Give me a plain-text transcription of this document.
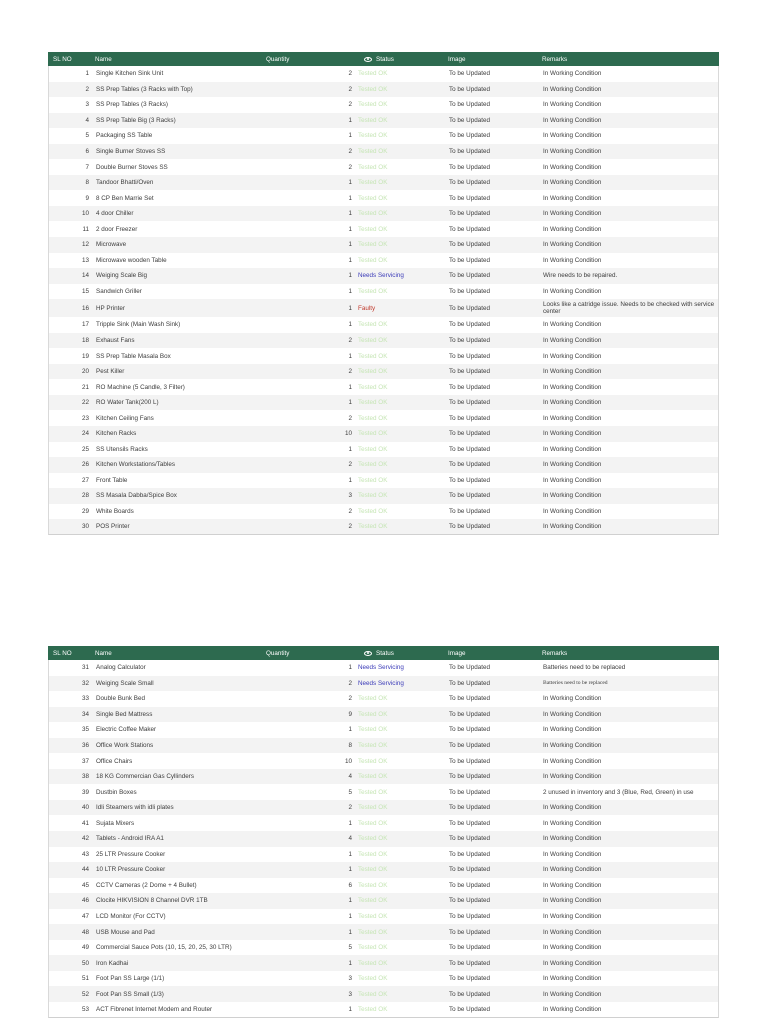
SL NO	Name	Quantity	Status	Image	Remarks
1	Single Kitchen Sink Unit	2 Tested OK	To be Updated	In Working Condition
2	SS Prep Tables (3 Racks with Top)	2 Tested OK	To be Updated	In Working Condition
3	SS Prep Tables (3 Racks)	2 Tested OK	To be Updated	In Working Condition
4	SS Prep Table Big (3 Racks)	1 Tested OK	To be Updated	In Working Condition
5	Packaging SS Table	1 Tested OK	To be Updated	In Working Condition
6	Single Burner Stoves SS	2 Tested OK	To be Updated	In Working Condition
7	Double Burner Stoves SS	2 Tested OK	To be Updated	In Working Condition
8	Tandoor Bhatti/Oven	1 Tested OK	To be Updated	In Working Condition
9	8 CP Ben Marrie Set	1 Tested OK	To be Updated	In Working Condition
10	4 door Chiller	1 Tested OK	To be Updated	In Working Condition
11	2 door Freezer	1 Tested OK	To be Updated	In Working Condition
12	Microwave	1 Tested OK	To be Updated	In Working Condition
13	Microwave wooden Table	1 Tested OK	To be Updated	In Working Condition
14	Weiging Scale Big	1 Needs Servicing	To be Updated	Wire needs to be repaired.
15	Sandwich Griller	1 Tested OK	To be Updated	In Working Condition
16	HP Printer	1 Faulty	To be Updated	Looks like a catridge issue. Needs to be checked with service center
17	Tripple Sink (Main Wash Sink)	1 Tested OK	To be Updated	In Working Condition
18	Exhaust Fans	2 Tested OK	To be Updated	In Working Condition
19	SS Prep Table Masala Box	1 Tested OK	To be Updated	In Working Condition
20	Pest Killer	2 Tested OK	To be Updated	In Working Condition
21	RO Machine (5 Candle, 3 Filter)	1 Tested OK	To be Updated	In Working Condition
22	RO Water Tank(200 L)	1 Tested OK	To be Updated	In Working Condition
23	Kitchen Ceiling Fans	2 Tested OK	To be Updated	In Working Condition
24	Kitchen Racks	10 Tested OK	To be Updated	In Working Condition
25	SS Utensils Racks	1 Tested OK	To be Updated	In Working Condition
26	Kitchen Workstations/Tables	2 Tested OK	To be Updated	In Working Condition
27	Front Table	1 Tested OK	To be Updated	In Working Condition
28	SS Masala Dabba/Spice Box	3 Tested OK	To be Updated	In Working Condition
29	White Boards	2 Tested OK	To be Updated	In Working Condition
30	POS Printer	2 Tested OK	To be Updated	In Working Condition
SL NO	Name	Quantity	Status	Image	Remarks
31	Analog Calculator	1 Needs Servicing	To be Updated	Batteries need to be replaced
32	Weiging Scale Small	2 Needs Servicing	To be Updated	Batteries need to be replaced
33	Double Bunk Bed	2 Tested OK	To be Updated	In Working Condition
34	Single Bed Mattress	9 Tested OK	To be Updated	In Working Condition
35	Electric Coffee Maker	1 Tested OK	To be Updated	In Working Condition
36	Office Work Stations	8 Tested OK	To be Updated	In Working Condition
37	Office Chairs	10 Tested OK	To be Updated	In Working Condition
38	18 KG Commercian Gas Cyllinders	4 Tested OK	To be Updated	In Working Condition
39	Dustbin Boxes	5 Tested OK	To be Updated	2 unused in inventory and 3 (Blue, Red, Green) in use
40	Idli Steamers with idli plates	2 Tested OK	To be Updated	In Working Condition
41	Sujata Mixers	1 Tested OK	To be Updated	In Working Condition
42	Tablets - Android IRA A1	4 Tested OK	To be Updated	In Working Condition
43	25 LTR Pressure Cooker	1 Tested OK	To be Updated	In Working Condition
44	10 LTR Pressure Cooker	1 Tested OK	To be Updated	In Working Condition
45	CCTV Cameras (2 Dome + 4 Bullet)	6 Tested OK	To be Updated	In Working Condition
46	Clocite HIKVISION 8 Channel DVR 1TB	1 Tested OK	To be Updated	In Working Condition
47	LCD Monitor (For CCTV)	1 Tested OK	To be Updated	In Working Condition
48	USB Mouse and Pad	1 Tested OK	To be Updated	In Working Condition
49	Commercial Sauce Pots (10, 15, 20, 25, 30 LTR)	5 Tested OK	To be Updated	In Working Condition
50	Iron Kadhai	1 Tested OK	To be Updated	In Working Condition
51	Foot Pan SS Large (1/1)	3 Tested OK	To be Updated	In Working Condition
52	Foot Pan SS Small (1/3)	3 Tested OK	To be Updated	In Working Condition
53	ACT Fibrenet Internet Modem and Router	1 Tested OK	To be Updated	In Working Condition
